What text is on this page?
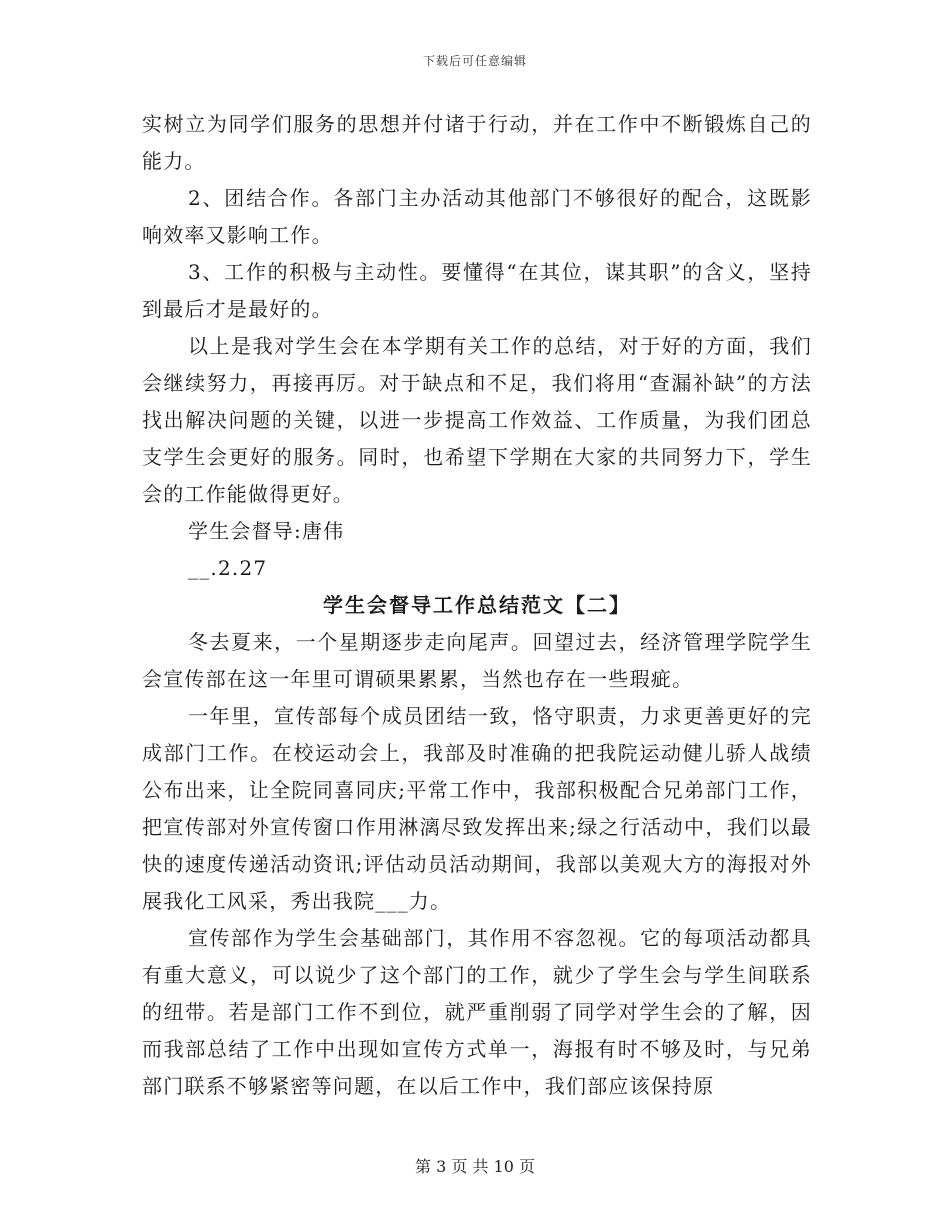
下载后可任意编辑

实树立为同学们服务的思想并付诸于行动，并在工作中不断锻炼自己的能力。

2、团结合作。各部门主办活动其他部门不够很好的配合，这既影响效率又影响工作。

3、工作的积极与主动性。要懂得“在其位，谋其职”的含义，坚持到最后才是最好的。

以上是我对学生会在本学期有关工作的总结，对于好的方面，我们会继续努力，再接再厉。对于缺点和不足，我们将用“查漏补缺”的方法找出解决问题的关键，以进一步提高工作效益、工作质量，为我们团总支学生会更好的服务。同时，也希望下学期在大家的共同努力下，学生会的工作能做得更好。

学生会督导:唐伟

__.2.27

学生会督导工作总结范文【二】

冬去夏来，一个星期逐步走向尾声。回望过去，经济管理学院学生会宣传部在这一年里可谓硕果累累，当然也存在一些瑕疵。

一年里，宣传部每个成员团结一致，恪守职责，力求更善更好的完成部门工作。在校运动会上，我部及时准确的把我院运动健儿骄人战绩公布出来，让全院同喜同庆;平常工作中，我部积极配合兄弟部门工作，把宣传部对外宣传窗口作用淋漓尽致发挥出来;绿之行活动中，我们以最快的速度传递活动资讯;评估动员活动期间，我部以美观大方的海报对外展我化工风采，秀出我院___力。

宣传部作为学生会基础部门，其作用不容忽视。它的每项活动都具有重大意义，可以说少了这个部门的工作，就少了学生会与学生间联系的纽带。若是部门工作不到位，就严重削弱了同学对学生会的了解，因而我部总结了工作中出现如宣传方式单一，海报有时不够及时，与兄弟部门联系不够紧密等问题，在以后工作中，我们部应该保持原

第 3 页 共 10 页
